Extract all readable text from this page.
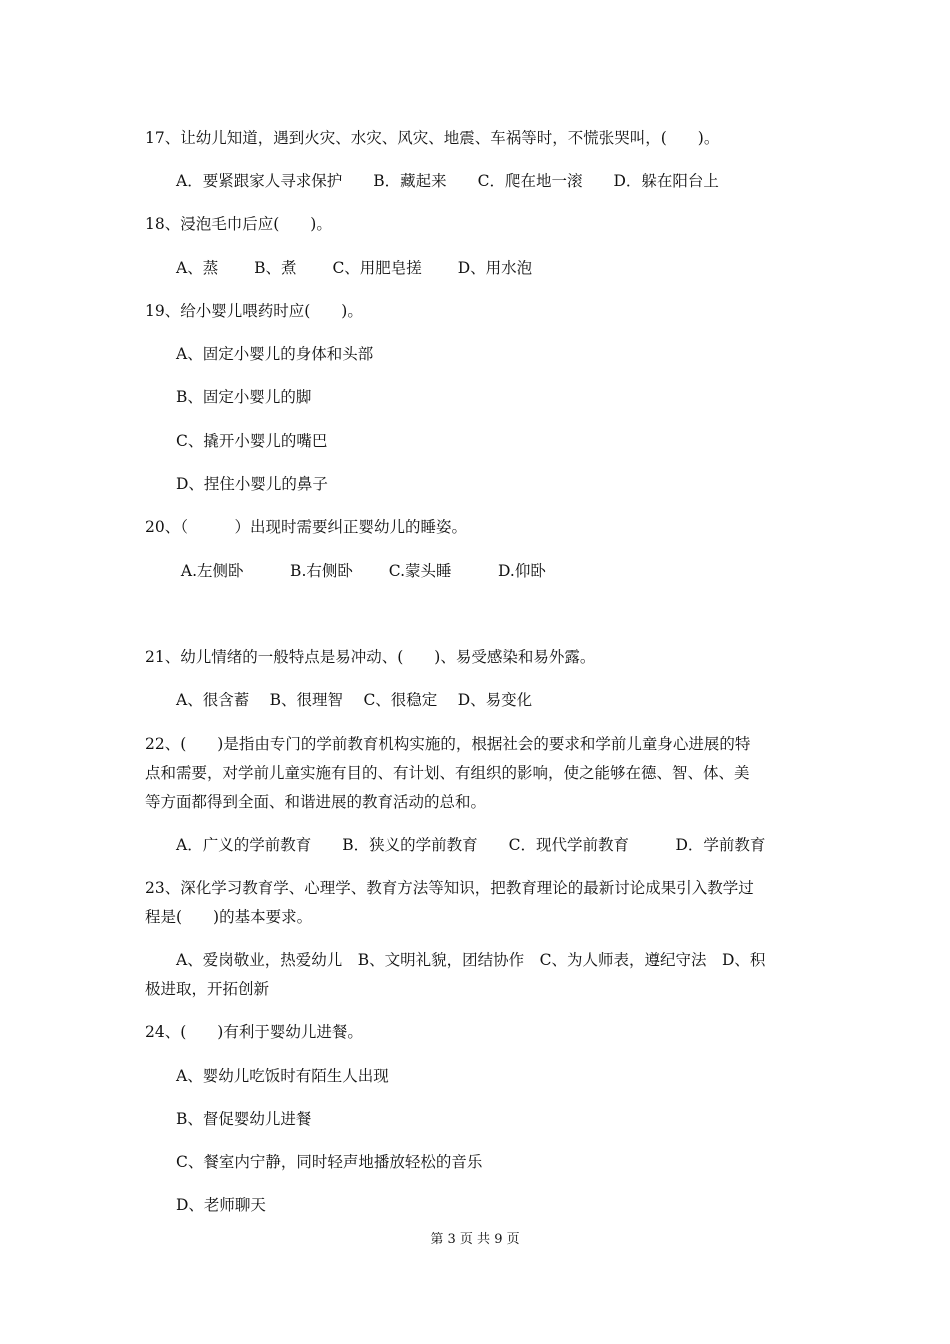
17、让幼儿知道，遇到火灾、水灾、风灾、地震、车祸等时，不慌张哭叫，(　　)。
A．要紧跟家人寻求保护　　B．藏起来　　C．爬在地一滚　　D．躲在阳台上
18、浸泡毛巾后应(　　)。
A、蒸　　 B、煮　　 C、用肥皂搓　　 D、用水泡
19、给小婴儿喂药时应(　　)。
A、固定小婴儿的身体和头部
B、固定小婴儿的脚
C、撬开小婴儿的嘴巴
D、捏住小婴儿的鼻子
20、（　　　）出现时需要纠正婴幼儿的睡姿。
A.左侧卧　　　B.右侧卧　　 C.蒙头睡　　　D.仰卧
21、幼儿情绪的一般特点是易冲动、(　　)、易受感染和易外露。
A、很含蓄　 B、很理智　 C、很稳定　 D、易变化
22、(　　)是指由专门的学前教育机构实施的，根据社会的要求和学前儿童身心进展的特
点和需要，对学前儿童实施有目的、有计划、有组织的影响，使之能够在德、智、体、美
等方面都得到全面、和谐进展的教育活动的总和。
A．广义的学前教育　　B．狭义的学前教育　　C．现代学前教育　　　D．学前教育
23、深化学习教育学、心理学、教育方法等知识，把教育理论的最新讨论成果引入教学过
程是(　　)的基本要求。
A、爱岗敬业，热爱幼儿　B、文明礼貌，团结协作　C、为人师表，遵纪守法　D、积
极进取，开拓创新
24、(　　)有利于婴幼儿进餐。
A、婴幼儿吃饭时有陌生人出现
B、督促婴幼儿进餐
C、餐室内宁静，同时轻声地播放轻松的音乐
D、老师聊天
第 3 页 共 9 页
